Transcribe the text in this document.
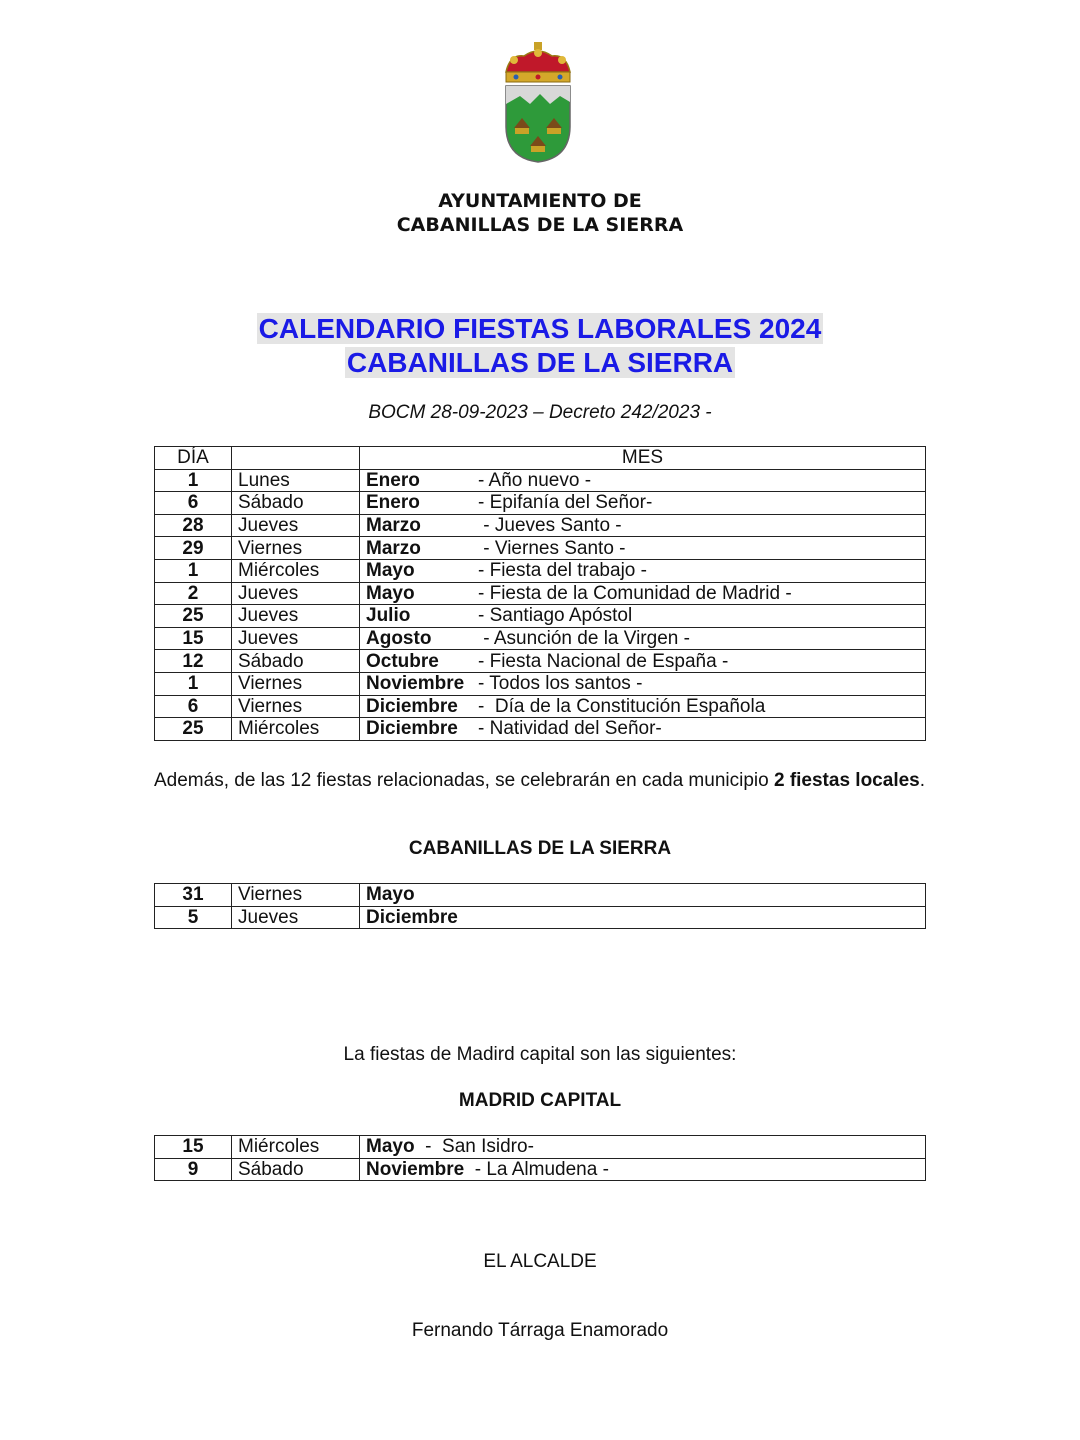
AYUNTAMIENTO DE
CABANILLAS DE LA SIERRA
CALENDARIO FIESTAS LABORALES 2024
CABANILLAS DE LA SIERRA
BOCM 28-09-2023 – Decreto 242/2023 -
DÍA		MES
1	Lunes	Enero - Año nuevo -
6	Sábado	Enero - Epifanía del Señor-
28	Jueves	Marzo - Jueves Santo -
29	Viernes	Marzo - Viernes Santo -
1	Miércoles	Mayo - Fiesta del trabajo -
2	Jueves	Mayo - Fiesta de la Comunidad de Madrid -
25	Jueves	Julio - Santiago Apóstol
15	Jueves	Agosto - Asunción de la Virgen -
12	Sábado	Octubre - Fiesta Nacional de España -
1	Viernes	Noviembre - Todos los santos -
6	Viernes	Diciembre -  Día de la Constitución Española
25	Miércoles	Diciembre - Natividad del Señor-
Además, de las 12 fiestas relacionadas, se celebrarán en cada municipio 2 fiestas locales.
CABANILLAS DE LA SIERRA
31	Viernes	Mayo
5	Jueves	Diciembre
La fiestas de Madird capital son las siguientes:
MADRID CAPITAL
15	Miércoles	Mayo  -  San Isidro-
9	Sábado	Noviembre  - La Almudena -
EL ALCALDE
Fernando Tárraga Enamorado
